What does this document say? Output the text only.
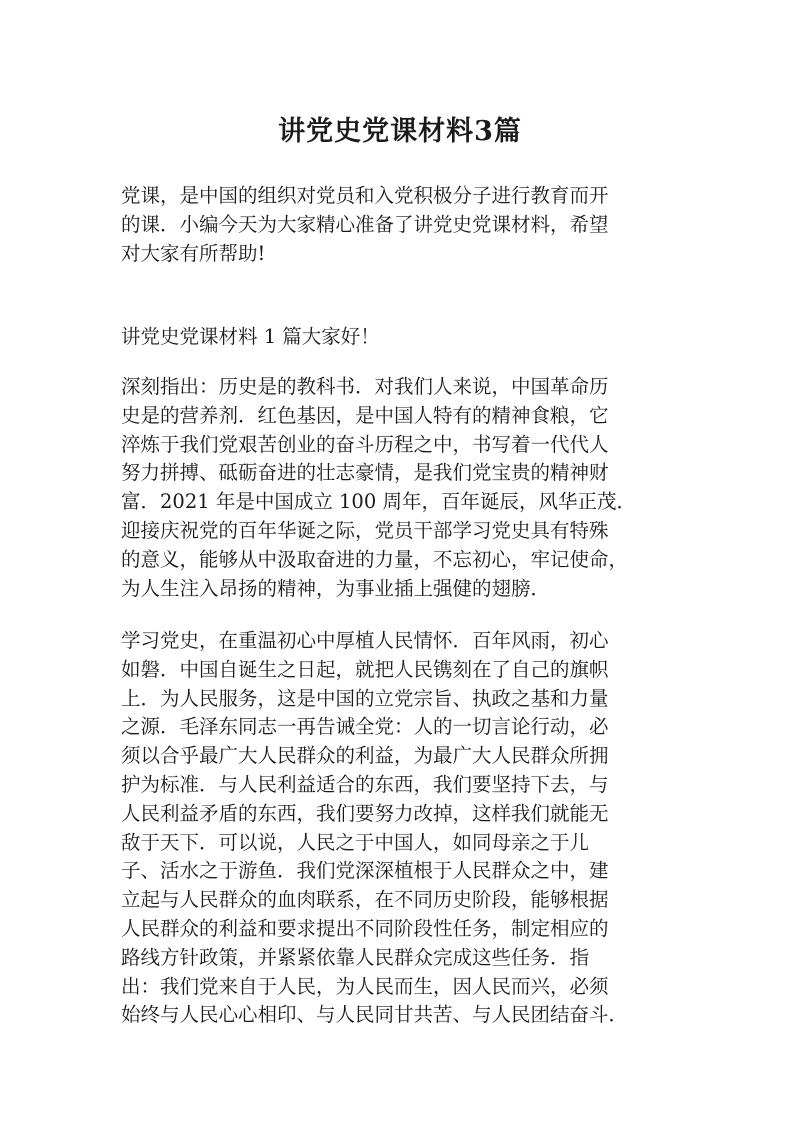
讲党史党课材料3篇
党课，是中国的组织对党员和入党积极分子进行教育而开
的课．小编今天为大家精心准备了讲党史党课材料，希望
对大家有所帮助!
讲党史党课材料 1 篇大家好！
深刻指出：历史是的教科书．对我们人来说，中国革命历
史是的营养剂．红色基因，是中国人特有的精神食粮，它
淬炼于我们党艰苦创业的奋斗历程之中，书写着一代代人
努力拼搏、砥砺奋进的壮志豪情，是我们党宝贵的精神财
富．2021 年是中国成立 100 周年，百年诞辰，风华正茂．
迎接庆祝党的百年华诞之际，党员干部学习党史具有特殊
的意义，能够从中汲取奋进的力量，不忘初心，牢记使命，
为人生注入昂扬的精神，为事业插上强健的翅膀．
学习党史，在重温初心中厚植人民情怀．百年风雨，初心
如磐．中国自诞生之日起，就把人民镌刻在了自己的旗帜
上．为人民服务，这是中国的立党宗旨、执政之基和力量
之源．毛泽东同志一再告诫全党：人的一切言论行动，必
须以合乎最广大人民群众的利益，为最广大人民群众所拥
护为标准．与人民利益适合的东西，我们要坚持下去，与
人民利益矛盾的东西，我们要努力改掉，这样我们就能无
敌于天下．可以说，人民之于中国人，如同母亲之于儿
子、活水之于游鱼．我们党深深植根于人民群众之中，建
立起与人民群众的血肉联系，在不同历史阶段，能够根据
人民群众的利益和要求提出不同阶段性任务，制定相应的
路线方针政策，并紧紧依靠人民群众完成这些任务．指
出：我们党来自于人民，为人民而生，因人民而兴，必须
始终与人民心心相印、与人民同甘共苦、与人民团结奋斗．
